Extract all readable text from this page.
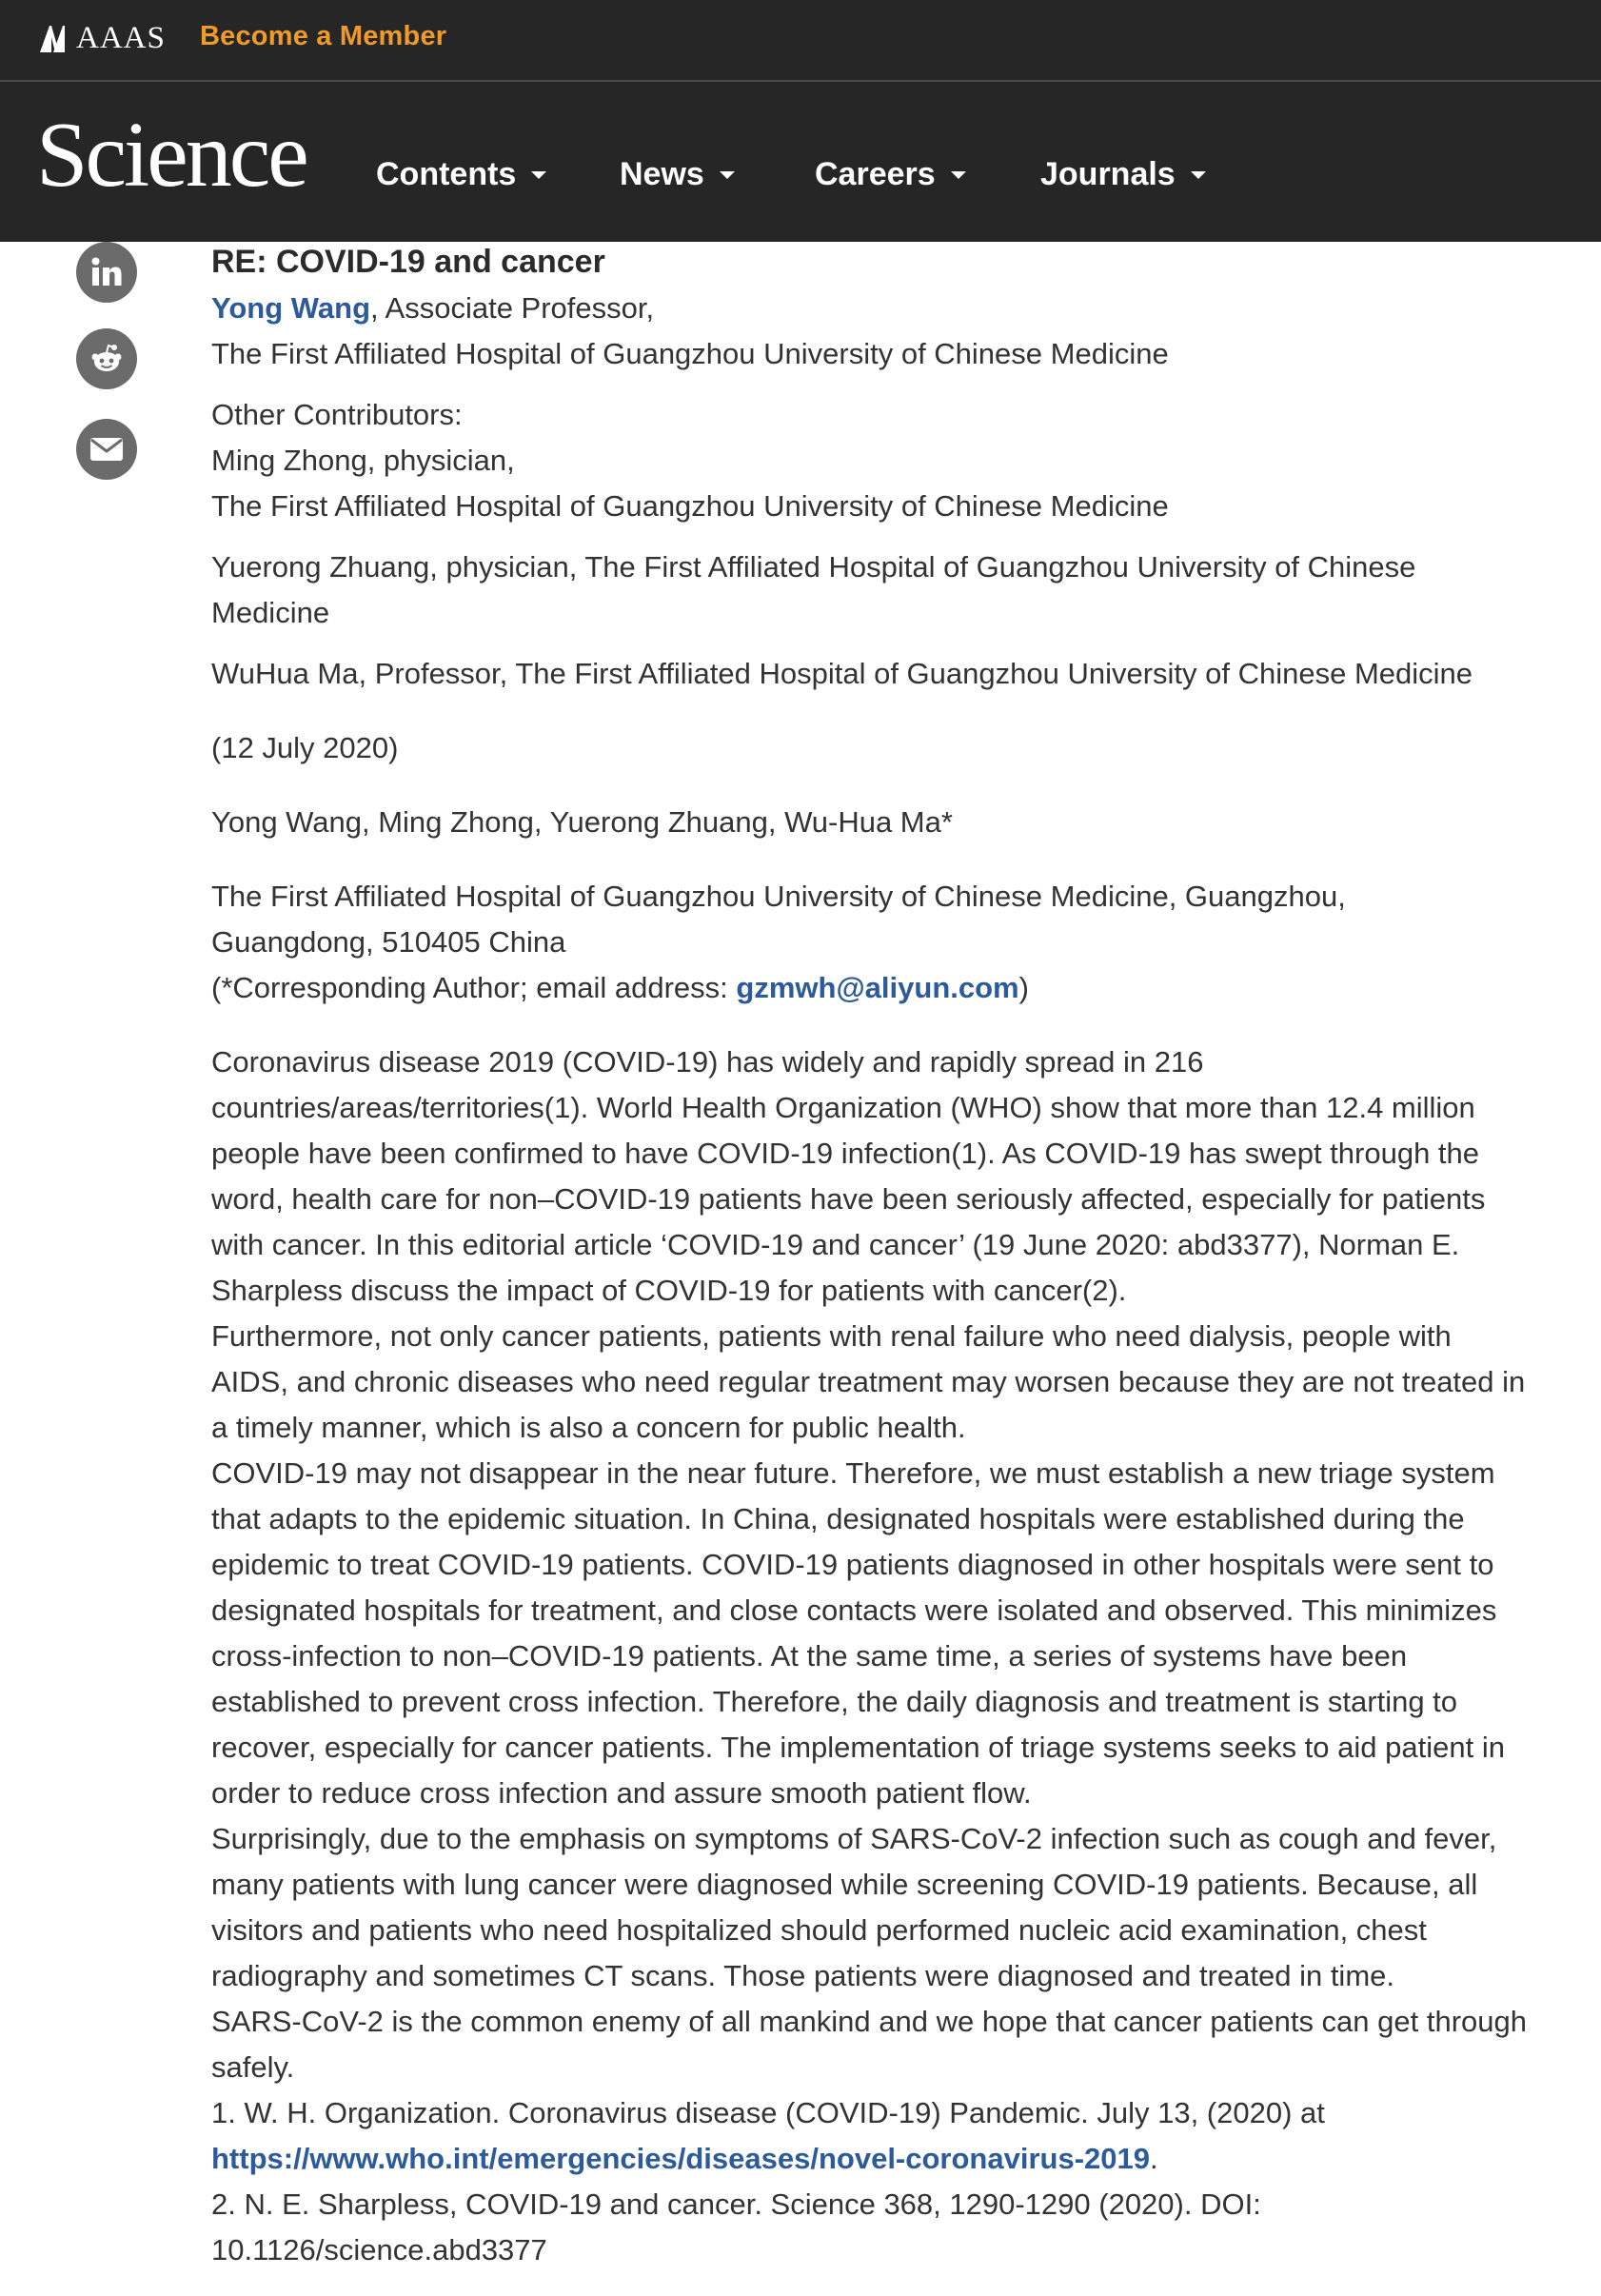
AAAS Become a Member
Science Contents	News	Careers	Journals
RE: COVID-19 and cancer

Yong Wang, Associate Professor,

The First Affiliated Hospital of Guangzhou University of Chinese Medicine

Other Contributors:

Ming Zhong, physician,

The First Affiliated Hospital of Guangzhou University of Chinese Medicine

Yuerong Zhuang, physician, The First Affiliated Hospital of Guangzhou University of Chinese Medicine

WuHua Ma, Professor, The First Affiliated Hospital of Guangzhou University of Chinese Medicine

(12 July 2020)

Yong Wang, Ming Zhong, Yuerong Zhuang, Wu-Hua Ma*

The First Affiliated Hospital of Guangzhou University of Chinese Medicine, Guangzhou, Guangdong, 510405 China

(*Corresponding Author; email address: gzmwh@aliyun.com)

Coronavirus disease 2019 (COVID-19) has widely and rapidly spread in 216 countries/areas/territories(1). World Health Organization (WHO) show that more than 12.4 million people have been confirmed to have COVID-19 infection(1). As COVID-19 has swept through the word, health care for non–COVID-19 patients have been seriously affected, especially for patients with cancer. In this editorial article ‘COVID-19 and cancer’ (19 June 2020: abd3377), Norman E. Sharpless discuss the impact of COVID-19 for patients with cancer(2).

Furthermore, not only cancer patients, patients with renal failure who need dialysis, people with AIDS, and chronic diseases who need regular treatment may worsen because they are not treated in a timely manner, which is also a concern for public health.

COVID-19 may not disappear in the near future. Therefore, we must establish a new triage system that adapts to the epidemic situation. In China, designated hospitals were established during the epidemic to treat COVID-19 patients. COVID-19 patients diagnosed in other hospitals were sent to designated hospitals for treatment, and close contacts were isolated and observed. This minimizes cross-infection to non–COVID-19 patients. At the same time, a series of systems have been established to prevent cross infection. Therefore, the daily diagnosis and treatment is starting to recover, especially for cancer patients. The implementation of triage systems seeks to aid patient in order to reduce cross infection and assure smooth patient flow.

Surprisingly, due to the emphasis on symptoms of SARS-CoV-2 infection such as cough and fever, many patients with lung cancer were diagnosed while screening COVID-19 patients. Because, all visitors and patients who need hospitalized should performed nucleic acid examination, chest radiography and sometimes CT scans. Those patients were diagnosed and treated in time.

SARS-CoV-2 is the common enemy of all mankind and we hope that cancer patients can get through safely.

1. W. H. Organization. Coronavirus disease (COVID-19) Pandemic. July 13, (2020) at https://www.who.int/emergencies/diseases/novel-coronavirus-2019.

2. N. E. Sharpless, COVID-19 and cancer. Science 368, 1290-1290 (2020). DOI: 10.1126/science.abd3377
